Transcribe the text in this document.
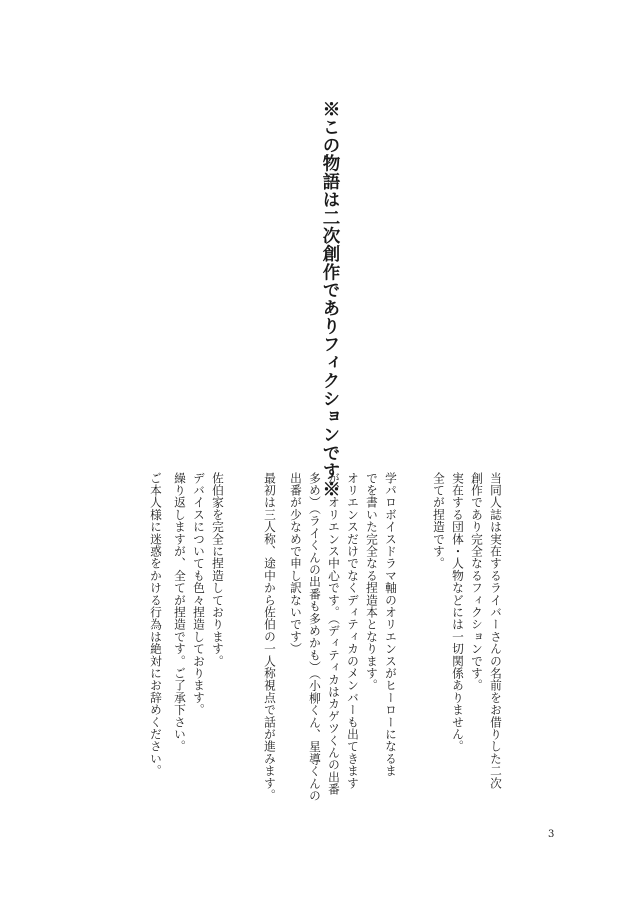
※この物語は二次創作でありフィクションです※
当同人誌は実在するライバーさんの名前をお借りした二次
創作であり完全なるフィクションです。
実在する団体・人物などには一切関係ありません。
全てが捏造です。
学パロボイスドラマ軸のオリエンスがヒーローになるま
でを書いた完全なる捏造本となります。
オリエンスだけでなくディティカのメンバーも出てきます
が、オリエンス中心です。（ディティカはカゲツくんの出番
多め）（ライくんの出番も多めかも）（小柳くん、星導くんの
出番が少なめで申し訳ないです）
最初は三人称、途中から佐伯の一人称視点で話が進みます。
佐伯家を完全に捏造しております。
デバイスについても色々捏造しております。
繰り返しますが、全てが捏造です。ご了承下さい。
ご本人様に迷惑をかける行為は絶対にお辞めください。
3
